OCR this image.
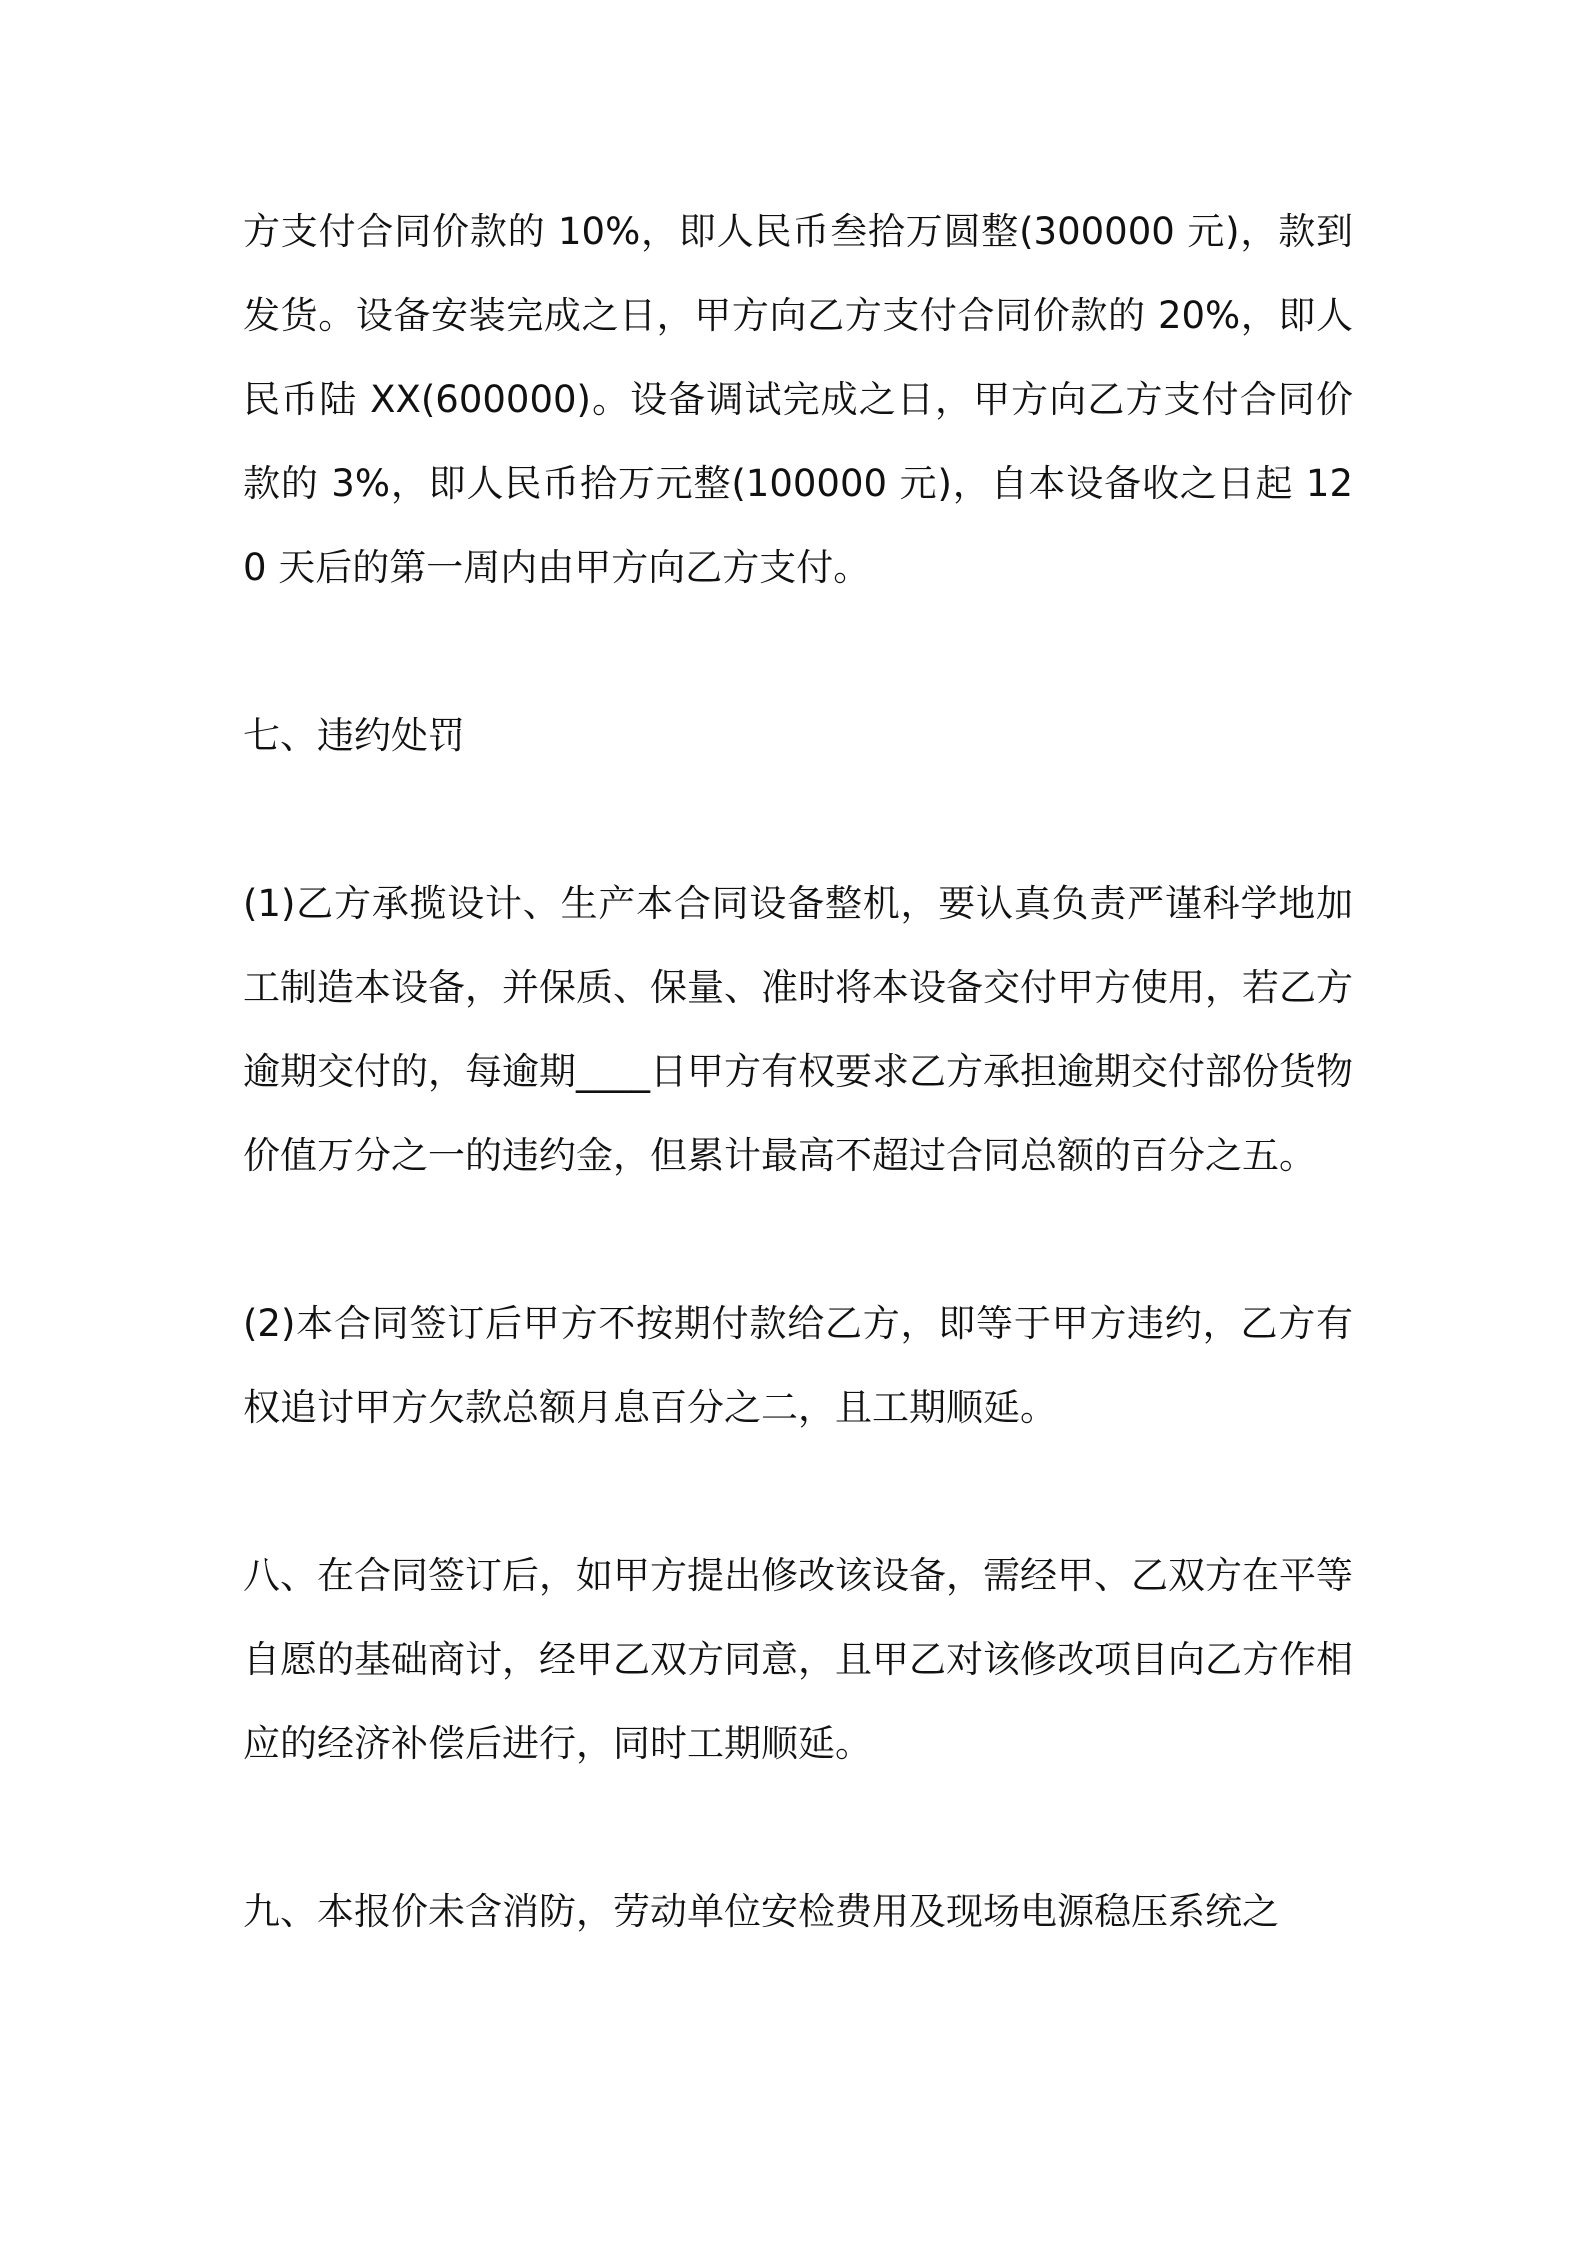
方支付合同价款的 10%，即人民币叁拾万圆整(300000 元)，款到发货。设备安装完成之日，甲方向乙方支付合同价款的 20%，即人民币陆 XX(600000)。设备调试完成之日，甲方向乙方支付合同价款的 3%，即人民币拾万元整(100000 元)，自本设备收之日起 120 天后的第一周内由甲方向乙方支付。

七、违约处罚

(1)乙方承揽设计、生产本合同设备整机，要认真负责严谨科学地加工制造本设备，并保质、保量、准时将本设备交付甲方使用，若乙方逾期交付的，每逾期____日甲方有权要求乙方承担逾期交付部份货物价值万分之一的违约金，但累计最高不超过合同总额的百分之五。

(2)本合同签订后甲方不按期付款给乙方，即等于甲方违约，乙方有权追讨甲方欠款总额月息百分之二，且工期顺延。

八、在合同签订后，如甲方提出修改该设备，需经甲、乙双方在平等自愿的基础商讨，经甲乙双方同意，且甲乙对该修改项目向乙方作相应的经济补偿后进行，同时工期顺延。

九、本报价未含消防，劳动单位安检费用及现场电源稳压系统之
